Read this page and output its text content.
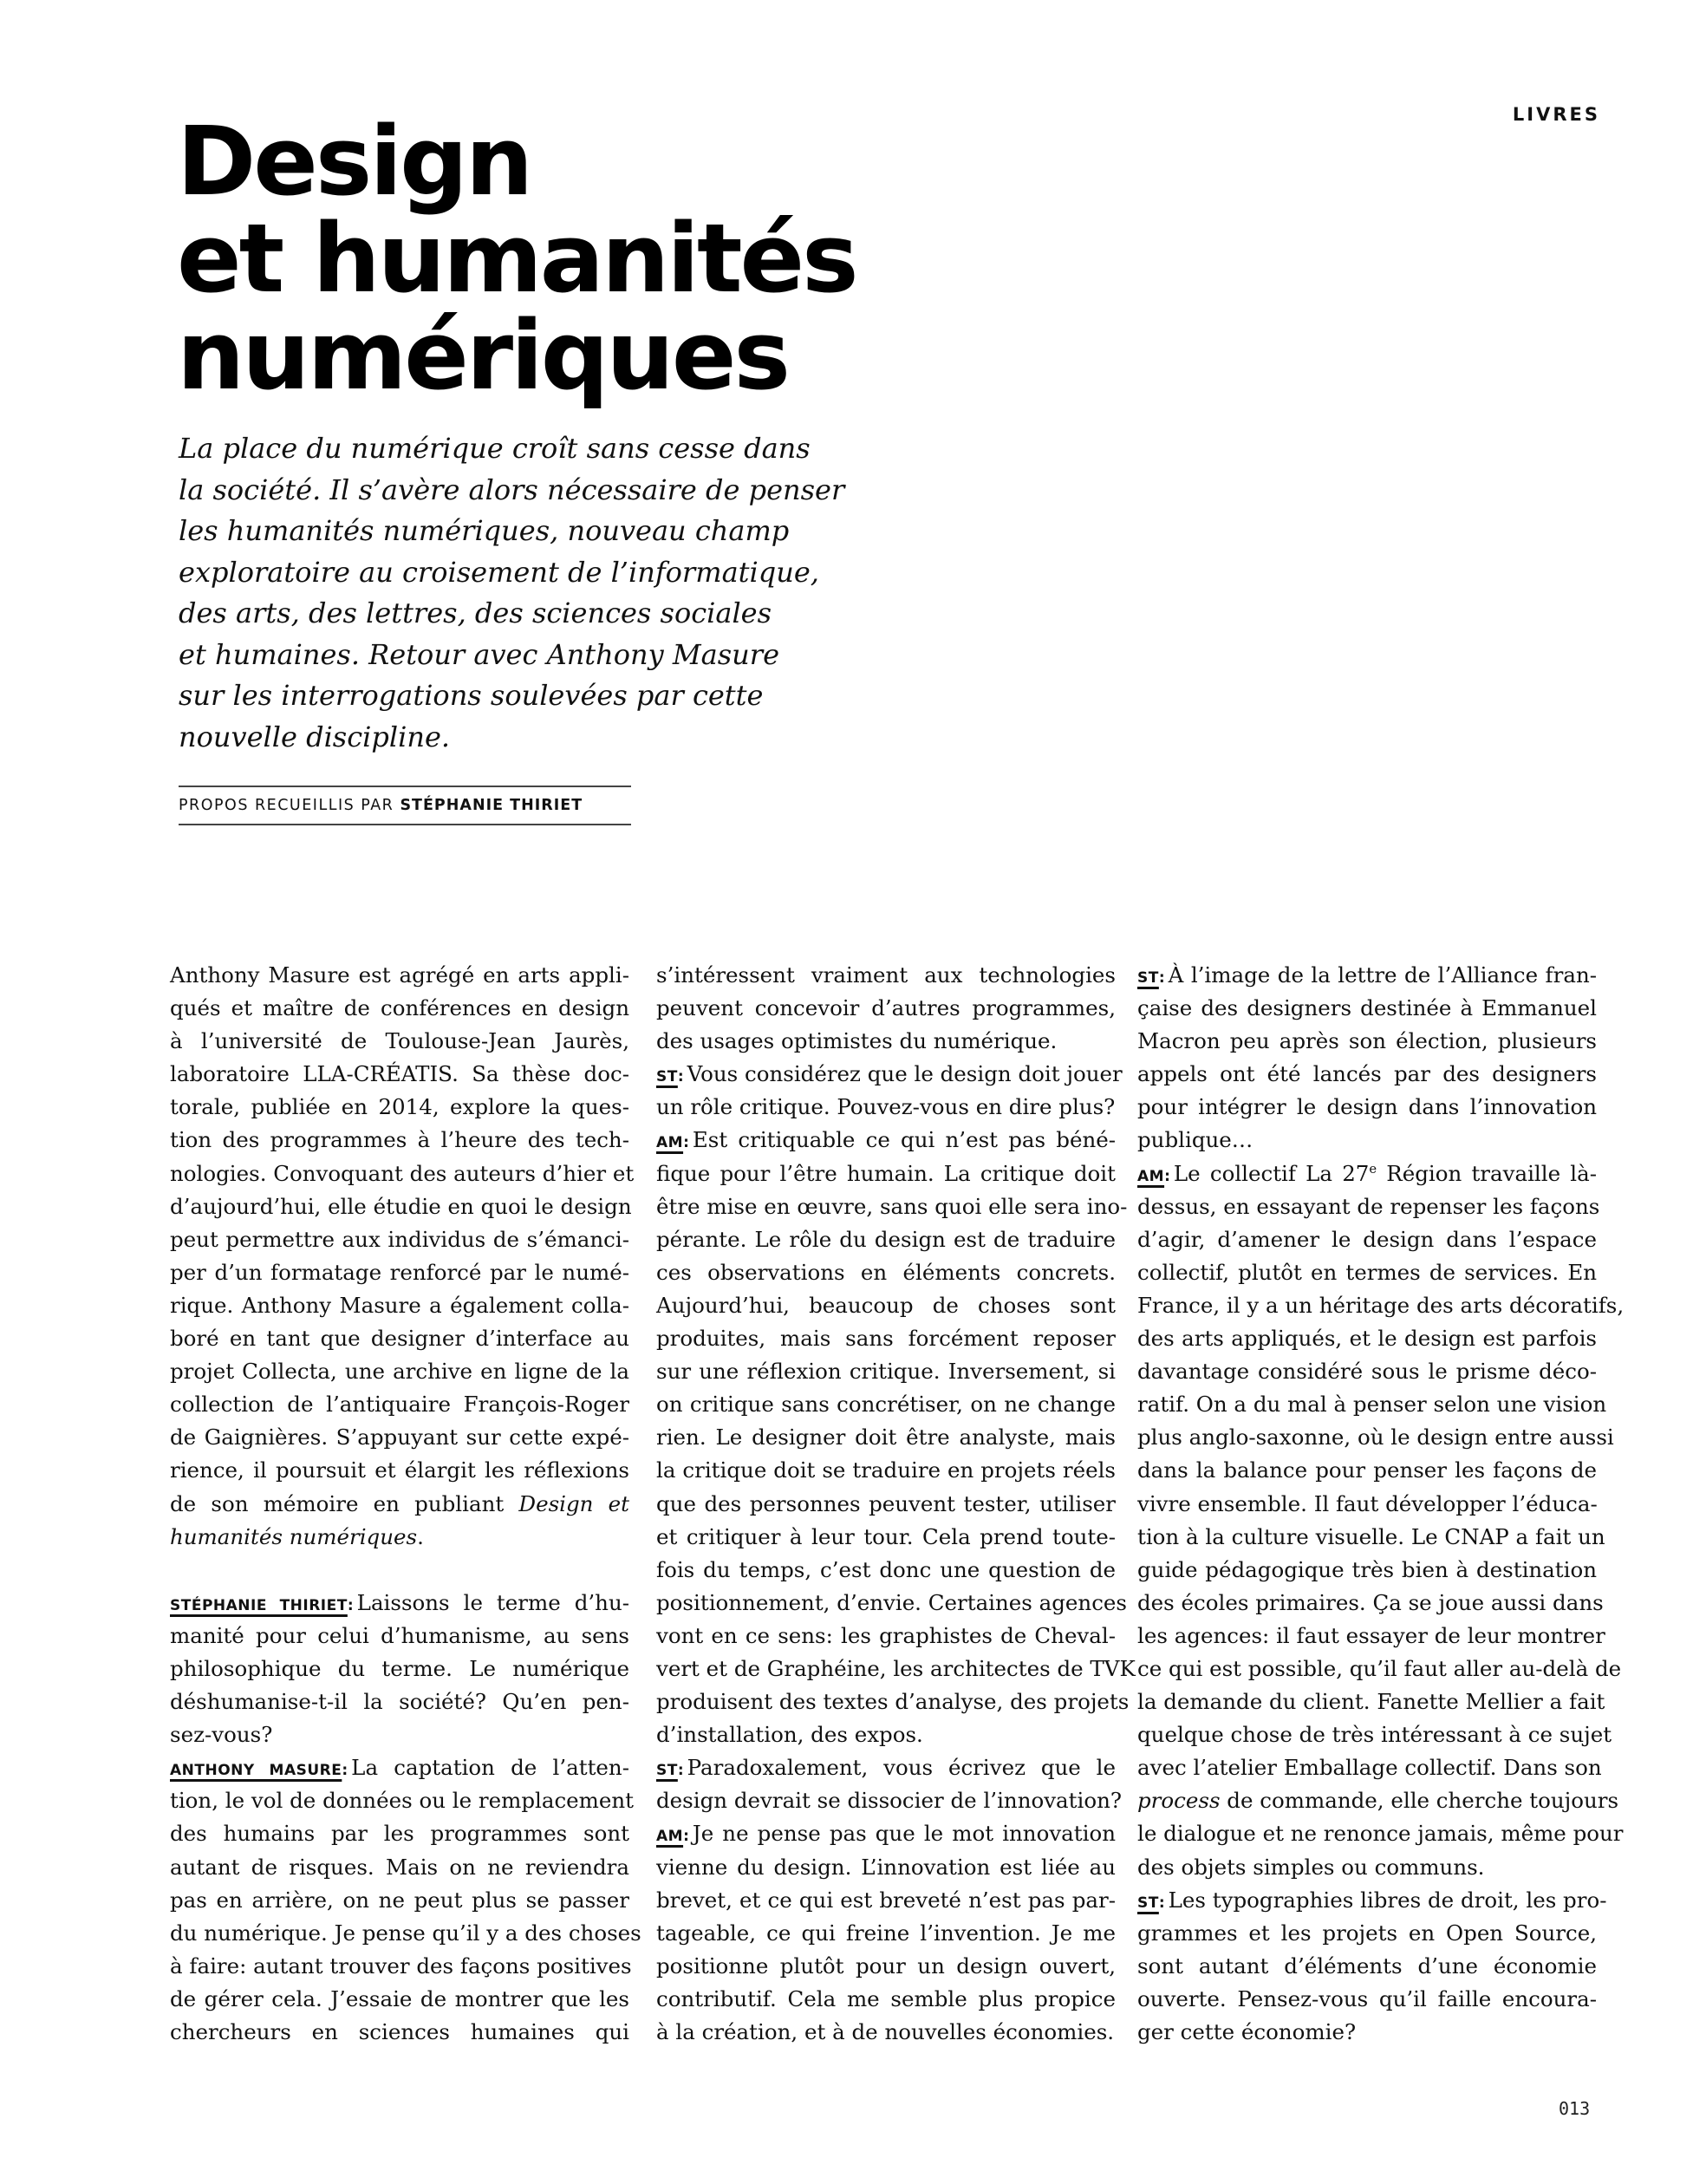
LIVRES
Design
et humanités
numériques

La place du numérique croît sans cesse dans
la société. Il s’avère alors nécessaire de penser
les humanités numériques, nouveau champ
exploratoire au croisement de l’informatique,
des arts, des lettres, des sciences sociales
et humaines. Retour avec Anthony Masure
sur les interrogations soulevées par cette
nouvelle discipline.

PROPOS RECUEILLIS PAR STÉPHANIE THIRIET
Anthony Masure est agrégé en arts appli-
qués et maître de conférences en design
à l’université de Toulouse-Jean Jaurès,
laboratoire LLA-CRÉATIS. Sa thèse doc-
torale, publiée en 2014, explore la ques-
tion des programmes à l’heure des tech-
nologies. Convoquant des auteurs d’hier et
d’aujourd’hui, elle étudie en quoi le design
peut permettre aux individus de s’émanci-
per d’un formatage renforcé par le numé-
rique. Anthony Masure a également colla-
boré en tant que designer d’interface au
projet Collecta, une archive en ligne de la
collection de l’antiquaire François-Roger
de Gaignières. S’appuyant sur cette expé-
rience, il poursuit et élargit les réflexions
de son mémoire en publiant Design et
humanités numériques.
STÉPHANIE THIRIET: Laissons le terme d’hu-
manité pour celui d’humanisme, au sens
philosophique du terme. Le numérique
déshumanise-t-il la société? Qu’en pen-
sez-vous?
ANTHONY MASURE: La captation de l’atten-
tion, le vol de données ou le remplacement
des humains par les programmes sont
autant de risques. Mais on ne reviendra
pas en arrière, on ne peut plus se passer
du numérique. Je pense qu’il y a des choses
à faire: autant trouver des façons positives
de gérer cela. J’essaie de montrer que les
chercheurs en sciences humaines qui
s’intéressent vraiment aux technologies
peuvent concevoir d’autres programmes,
des usages optimistes du numérique.
ST: Vous considérez que le design doit jouer
un rôle critique. Pouvez-vous en dire plus?
AM: Est critiquable ce qui n’est pas béné-
fique pour l’être humain. La critique doit
être mise en œuvre, sans quoi elle sera ino-
pérante. Le rôle du design est de traduire
ces observations en éléments concrets.
Aujourd’hui, beaucoup de choses sont
produites, mais sans forcément reposer
sur une réflexion critique. Inversement, si
on critique sans concrétiser, on ne change
rien. Le designer doit être analyste, mais
la critique doit se traduire en projets réels
que des personnes peuvent tester, utiliser
et critiquer à leur tour. Cela prend toute-
fois du temps, c’est donc une question de
positionnement, d’envie. Certaines agences
vont en ce sens: les graphistes de Cheval-
vert et de Graphéine, les architectes de TVK
produisent des textes d’analyse, des projets
d’installation, des expos.
ST: Paradoxalement, vous écrivez que le
design devrait se dissocier de l’innovation?
AM: Je ne pense pas que le mot innovation
vienne du design. L’innovation est liée au
brevet, et ce qui est breveté n’est pas par-
tageable, ce qui freine l’invention. Je me
positionne plutôt pour un design ouvert,
contributif. Cela me semble plus propice
à la création, et à de nouvelles économies.
ST: À l’image de la lettre de l’Alliance fran-
çaise des designers destinée à Emmanuel
Macron peu après son élection, plusieurs
appels ont été lancés par des designers
pour intégrer le design dans l’innovation
publique…
AM: Le collectif La 27e Région travaille là-
dessus, en essayant de repenser les façons
d’agir, d’amener le design dans l’espace
collectif, plutôt en termes de services. En
France, il y a un héritage des arts décoratifs,
des arts appliqués, et le design est parfois
davantage considéré sous le prisme déco-
ratif. On a du mal à penser selon une vision
plus anglo-saxonne, où le design entre aussi
dans la balance pour penser les façons de
vivre ensemble. Il faut développer l’éduca-
tion à la culture visuelle. Le CNAP a fait un
guide pédagogique très bien à destination
des écoles primaires. Ça se joue aussi dans
les agences: il faut essayer de leur montrer
ce qui est possible, qu’il faut aller au-delà de
la demande du client. Fanette Mellier a fait
quelque chose de très intéressant à ce sujet
avec l’atelier Emballage collectif. Dans son
process de commande, elle cherche toujours
le dialogue et ne renonce jamais, même pour
des objets simples ou communs.
ST: Les typographies libres de droit, les pro-
grammes et les projets en Open Source,
sont autant d’éléments d’une économie
ouverte. Pensez-vous qu’il faille encoura-
ger cette économie?
013
